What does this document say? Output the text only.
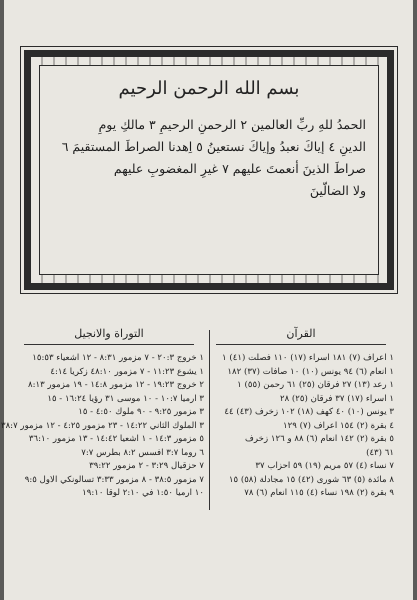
بسم الله الرحمن الرحيم
الحمدُ للهِ ربِّ العالمين ٢ الرحمنِ الرحيمِ ٣ مالكِ يومِ
الدينِ ٤ إياكَ نعبدُ وإياكَ نستعينُ ٥ اِهدنا الصراطَ المستقيمَ ٦
صراطَ الذينَ أنعمتَ عليهم ٧ غيرِ المغضوبِ عليهم
ولا الضالّينَ
القرآن
التوراة والانجيل
١ اعراف (٧) ١٨١ اسراء (١٧) ١١٠ فصلت (٤١) ١
١ انعام (٦) ٩٤ يونس (١٠) ١٠ صافات (٣٧) ١٨٢
١ رعد (١٣) ٢٧ فرقان (٢٥) ٦١ رحمن (٥٥) ١
١ اسراء (١٧) ٣٧ فرقان (٢٥) ٢٨
٣ يونس (١٠) ٤٠ كهف (١٨) ١٠٢ زخرف (٤٣) ٤٤
٤ بقرة (٢) ١٥٤ اعراف (٧) ١٢٩
٥ بقرة (٢) ١٤٢ انعام (٦) ٨٨ و ١٢٦ زخرف
٦١ (٤٣)
٧ نساء (٤) ٥٧ مريم (١٩) ٥٩ احزاب ٣٧
٨ مائدة (٥) ٦٣ شورى (٤٢) ١٥ مجادلة (٥٨) ١٥
٩ بقرة (٢) ١٩٨ نساء (٤) ١١٥ انعام (٦) ٧٨
١ خروج ٢٠:٣ - ٧ مزمور ٨:٣١ - ١٢ اشعياء ١٥:٥٣
١ يشوع ١١:٢٣ - ٧ مزمور ٤٨:١٠ زكريا ٤:١٤
٢ خروج ١٩:٢٣ - ١٢ مزمور ١٤:٨ - ١٩ مزمور ٨:١٣
٣ ارميا ١٠:٧ - ١٠ موسى ٣١ رؤيا ١٦:٢٤ - ١٥
٣ مزمور ٩:٢٥ - ٩٠ ملوك ٤:٥٠ - ١٥
٣ الملوك الثاني ١٤:٢٢ - ٢٣ مزمور ٤:٢٥ - ١٢ مزمور ٣٨:٧
٥ مزمور ١٤:٣ - ١ اشعيا ١٤:٤٢ - ١٣ مزمور ٣٦:١٠
٦ روما ٣:٧ افسس ٨:٢ بطرس ٧:٧
٧ حزقيال ٣:٢٩ - ٢ مزمور ٣٩:٢٢
٧ مزمور ٣٨:٥ - ٨ مزمور ٣:٣٣ تسالونكي الاول ٩:٥
١٠ ارميا ١:٥٠ في ٢:١٠ لوقا ١٩:١٠
